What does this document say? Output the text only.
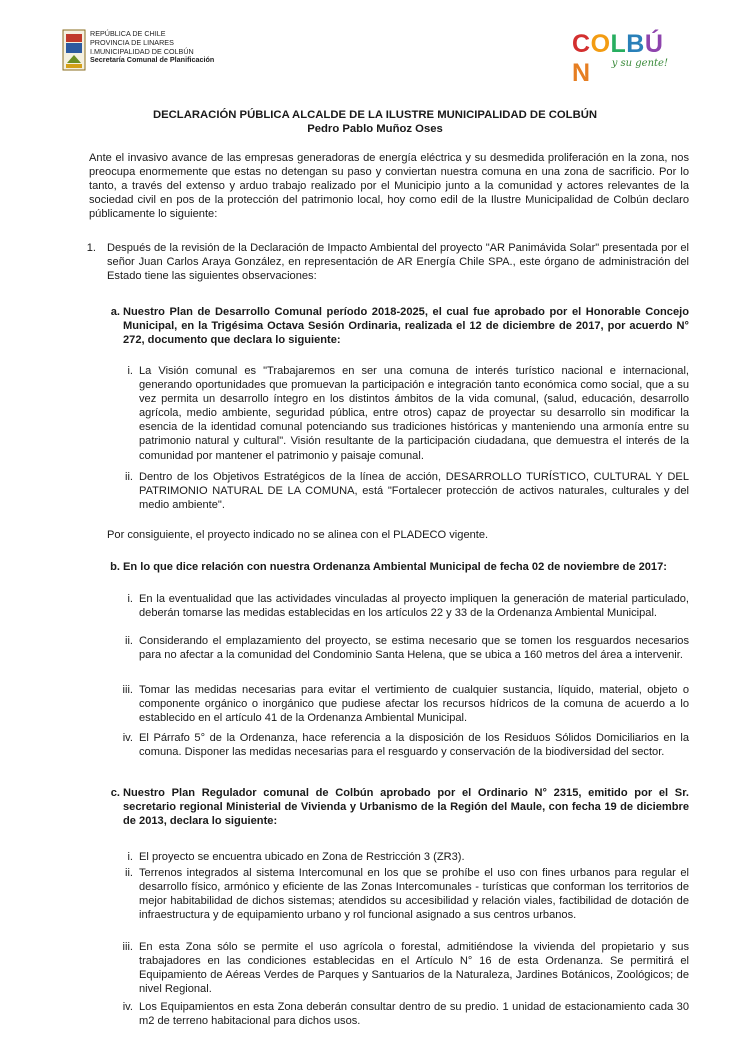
REPÚBLICA DE CHILE
PROVINCIA DE LINARES
I.MUNICIPALIDAD DE COLBÚN
Secretaría Comunal de Planificación
COLBÚN	y su gente!
DECLARACIÓN PÚBLICA ALCALDE DE LA ILUSTRE MUNICIPALIDAD DE COLBÚN
Pedro Pablo Muñoz Oses
Ante el invasivo avance de las empresas generadoras de energía eléctrica y su desmedida proliferación en la zona, nos preocupa enormemente que estas no detengan su paso y conviertan nuestra comuna en una zona de sacrificio. Por lo tanto, a través del extenso y arduo trabajo realizado por el Municipio junto a la comunidad y actores relevantes de la sociedad civil en pos de la protección del patrimonio local, hoy como edil de la Ilustre Municipalidad de Colbún declaro públicamente lo siguiente:
1. Después de la revisión de la Declaración de Impacto Ambiental del proyecto "AR Panimávida Solar" presentada por el señor Juan Carlos Araya González, en representación de AR Energía Chile SPA., este órgano de administración del Estado tiene las siguientes observaciones:
a. Nuestro Plan de Desarrollo Comunal período 2018-2025, el cual fue aprobado por el Honorable Concejo Municipal, en la Trigésima Octava Sesión Ordinaria, realizada el 12 de diciembre de 2017, por acuerdo N° 272, documento que declara lo siguiente:
i. La Visión comunal es "Trabajaremos en ser una comuna de interés turístico nacional e internacional, generando oportunidades que promuevan la participación e integración tanto económica como social, que a su vez permita un desarrollo íntegro en los distintos ámbitos de la vida comunal, (salud, educación, desarrollo agrícola, medio ambiente, seguridad pública, entre otros) capaz de proyectar su desarrollo sin modificar la esencia de la identidad comunal potenciando sus tradiciones históricas y manteniendo una armonía entre su patrimonio natural y cultural". Visión resultante de la participación ciudadana, que demuestra el interés de la comunidad por mantener el patrimonio y paisaje comunal.
ii. Dentro de los Objetivos Estratégicos de la línea de acción, DESARROLLO TURÍSTICO, CULTURAL Y DEL PATRIMONIO NATURAL DE LA COMUNA, está "Fortalecer protección de activos naturales, culturales y del medio ambiente".
Por consiguiente, el proyecto indicado no se alinea con el PLADECO vigente.
b. En lo que dice relación con nuestra Ordenanza Ambiental Municipal de fecha 02 de noviembre de 2017:
i. En la eventualidad que las actividades vinculadas al proyecto impliquen la generación de material particulado, deberán tomarse las medidas establecidas en los artículos 22 y 33 de la Ordenanza Ambiental Municipal.
ii. Considerando el emplazamiento del proyecto, se estima necesario que se tomen los resguardos necesarios para no afectar a la comunidad del Condominio Santa Helena, que se ubica a 160 metros del área a intervenir.
iii. Tomar las medidas necesarias para evitar el vertimiento de cualquier sustancia, líquido, material, objeto o componente orgánico o inorgánico que pudiese afectar los recursos hídricos de la comuna de acuerdo a lo establecido en el artículo 41 de la Ordenanza Ambiental Municipal.
iv. El Párrafo 5° de la Ordenanza, hace referencia a la disposición de los Residuos Sólidos Domiciliarios en la comuna. Disponer las medidas necesarias para el resguardo y conservación de la biodiversidad del sector.
c. Nuestro Plan Regulador comunal de Colbún aprobado por el Ordinario N° 2315, emitido por el Sr. secretario regional Ministerial de Vivienda y Urbanismo de la Región del Maule, con fecha 19 de diciembre de 2013, declara lo siguiente:
i. El proyecto se encuentra ubicado en Zona de Restricción 3 (ZR3).
ii. Terrenos integrados al sistema Intercomunal en los que se prohíbe el uso con fines urbanos para regular el desarrollo físico, armónico y eficiente de las Zonas Intercomunales - turísticas que conforman los territorios de mejor habitabilidad de dichos sistemas; atendidos su accesibilidad y relación viales, factibilidad de dotación de infraestructura y de equipamiento urbano y rol funcional asignado a sus centros urbanos.
iii. En esta Zona sólo se permite el uso agrícola o forestal, admitiéndose la vivienda del propietario y sus trabajadores en las condiciones establecidas en el Artículo N° 16 de esta Ordenanza. Se permitirá el Equipamiento de Aéreas Verdes de Parques y Santuarios de la Naturaleza, Jardines Botánicos, Zoológicos; de nivel Regional.
iv. Los Equipamientos en esta Zona deberán consultar dentro de su predio. 1 unidad de estacionamiento cada 30 m2 de terreno habitacional para dichos usos.
